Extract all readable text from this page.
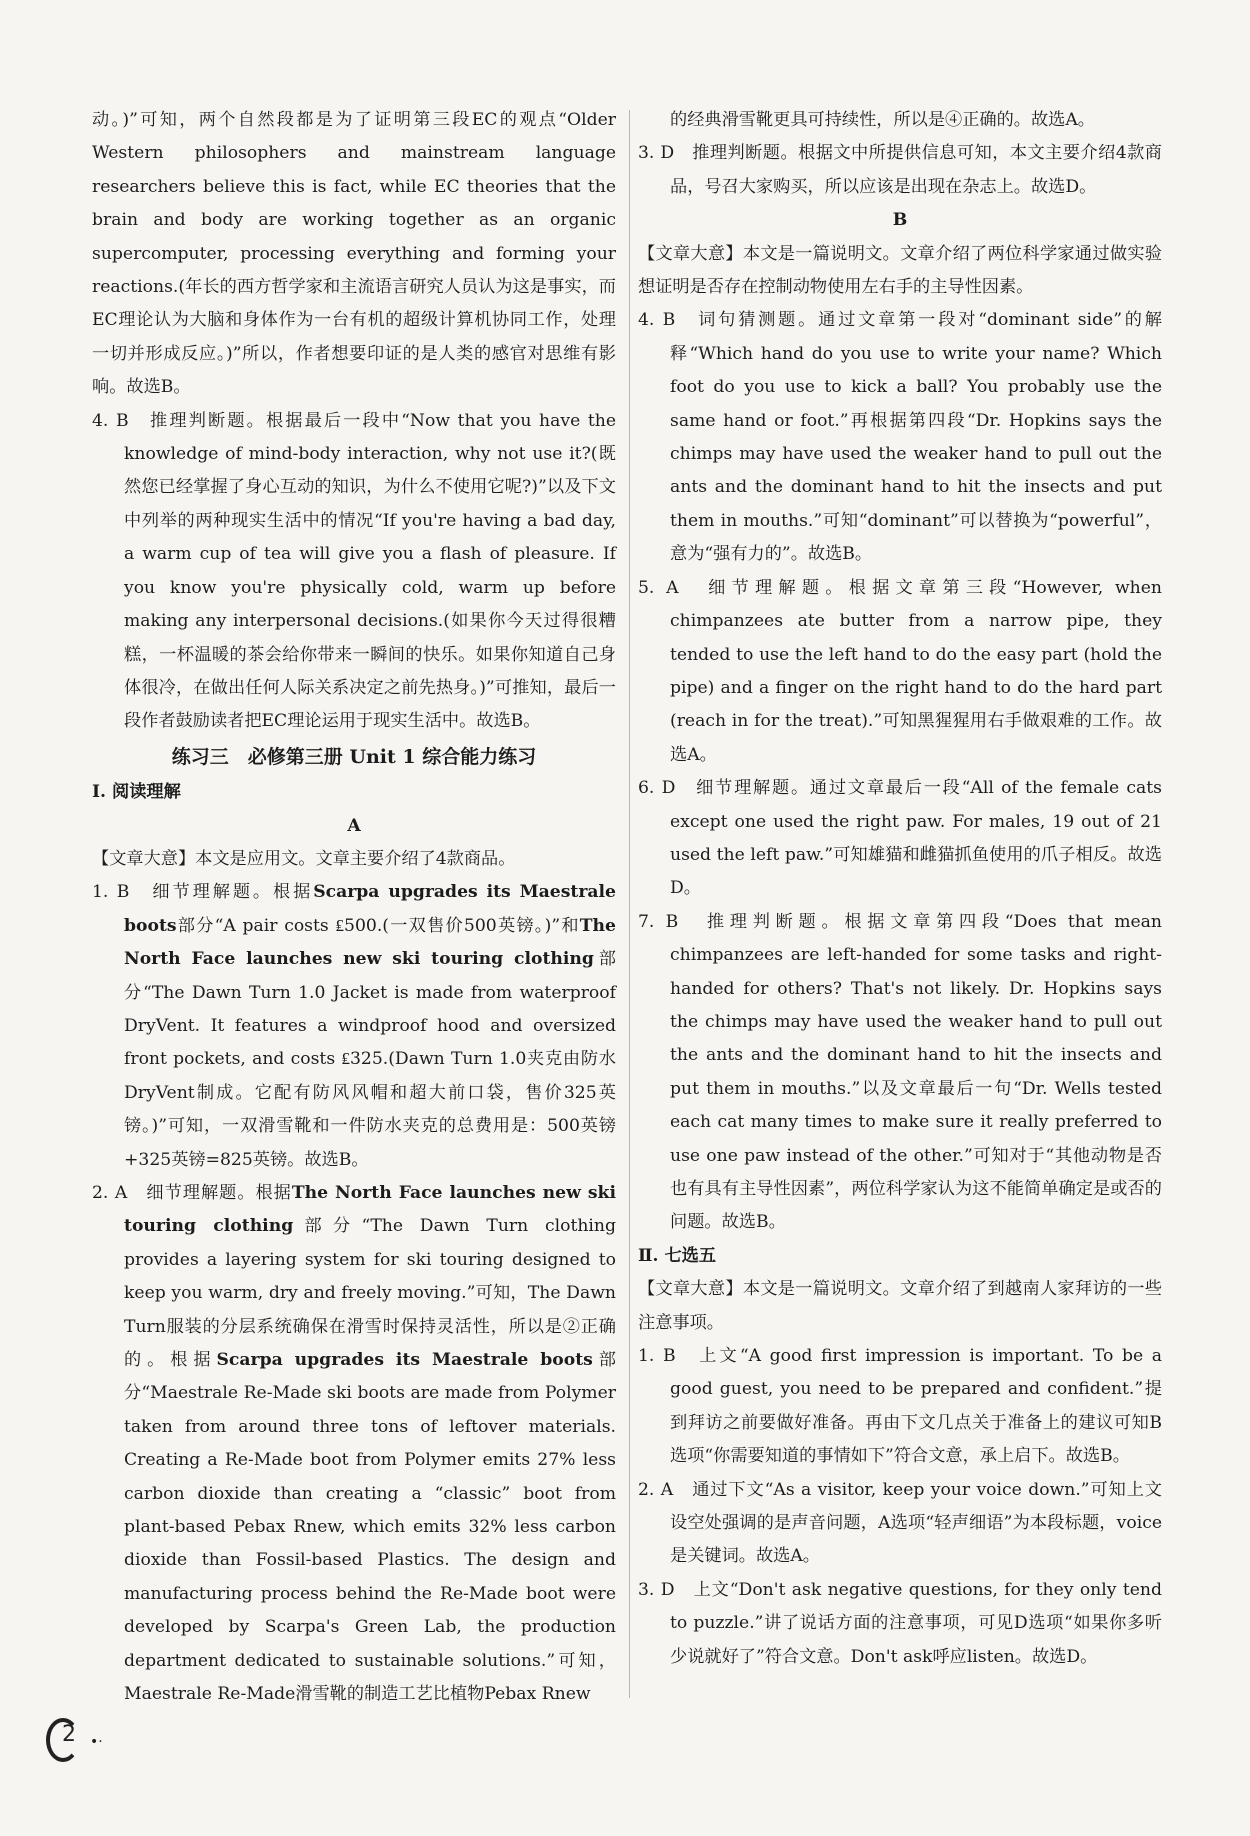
动。)”可知，两个自然段都是为了证明第三段EC的观点“Older Western philosophers and mainstream language researchers believe this is fact, while EC theories that the brain and body are working together as an organic supercomputer, processing everything and forming your reactions.(年长的西方哲学家和主流语言研究人员认为这是事实，而EC理论认为大脑和身体作为一台有机的超级计算机协同工作，处理一切并形成反应。)”所以，作者想要印证的是人类的感官对思维有影响。故选B。

4. B　推理判断题。根据最后一段中“Now that you have the knowledge of mind-body interaction, why not use it?(既然您已经掌握了身心互动的知识，为什么不使用它呢?)”以及下文中列举的两种现实生活中的情况“If you're having a bad day, a warm cup of tea will give you a flash of pleasure. If you know you're physically cold, warm up before making any interpersonal decisions.(如果你今天过得很糟糕，一杯温暖的茶会给你带来一瞬间的快乐。如果你知道自己身体很冷，在做出任何人际关系决定之前先热身。)”可推知，最后一段作者鼓励读者把EC理论运用于现实生活中。故选B。

练习三　必修第三册 Unit 1 综合能力练习

Ⅰ. 阅读理解

A

【文章大意】本文是应用文。文章主要介绍了4款商品。

1. B　细节理解题。根据Scarpa upgrades its Maestrale boots部分“A pair costs ₤500.(一双售价500英镑。)”和The North Face launches new ski touring clothing部分“The Dawn Turn 1.0 Jacket is made from waterproof DryVent. It features a windproof hood and oversized front pockets, and costs ₤325.(Dawn Turn 1.0夹克由防水DryVent制成。它配有防风风帽和超大前口袋，售价325英镑。)”可知，一双滑雪靴和一件防水夹克的总费用是：500英镑+325英镑=825英镑。故选B。

2. A　细节理解题。根据The North Face launches new ski touring clothing部分“The Dawn Turn clothing provides a layering system for ski touring designed to keep you warm, dry and freely moving.”可知，The Dawn Turn服装的分层系统确保在滑雪时保持灵活性，所以是②正确的。根据Scarpa upgrades its Maestrale boots部分“Maestrale Re-Made ski boots are made from Polymer taken from around three tons of leftover materials. Creating a Re-Made boot from Polymer emits 27% less carbon dioxide than creating a “classic” boot from plant-based Pebax Rnew, which emits 32% less carbon dioxide than Fossil-based Plastics. The design and manufacturing process behind the Re-Made boot were developed by Scarpa's Green Lab, the production department dedicated to sustainable solutions.”可知，Maestrale Re-Made滑雪靴的制造工艺比植物Pebax Rnew

的经典滑雪靴更具可持续性，所以是④正确的。故选A。

3. D　推理判断题。根据文中所提供信息可知，本文主要介绍4款商品，号召大家购买，所以应该是出现在杂志上。故选D。

B

【文章大意】本文是一篇说明文。文章介绍了两位科学家通过做实验想证明是否存在控制动物使用左右手的主导性因素。

4. B　词句猜测题。通过文章第一段对“dominant side”的解释“Which hand do you use to write your name? Which foot do you use to kick a ball? You probably use the same hand or foot.”再根据第四段“Dr. Hopkins says the chimps may have used the weaker hand to pull out the ants and the dominant hand to hit the insects and put them in mouths.”可知“dominant”可以替换为“powerful”，意为“强有力的”。故选B。

5. A　细节理解题。根据文章第三段“However, when chimpanzees ate butter from a narrow pipe, they tended to use the left hand to do the easy part (hold the pipe) and a finger on the right hand to do the hard part (reach in for the treat).”可知黑猩猩用右手做艰难的工作。故选A。

6. D　细节理解题。通过文章最后一段“All of the female cats except one used the right paw. For males, 19 out of 21 used the left paw.”可知雄猫和雌猫抓鱼使用的爪子相反。故选D。

7. B　推理判断题。根据文章第四段“Does that mean chimpanzees are left-handed for some tasks and right-handed for others? That's not likely. Dr. Hopkins says the chimps may have used the weaker hand to pull out the ants and the dominant hand to hit the insects and put them in mouths.”以及文章最后一句“Dr. Wells tested each cat many times to make sure it really preferred to use one paw instead of the other.”可知对于“其他动物是否也有具有主导性因素”，两位科学家认为这不能简单确定是或否的问题。故选B。

Ⅱ. 七选五

【文章大意】本文是一篇说明文。文章介绍了到越南人家拜访的一些注意事项。

1. B　上文“A good first impression is important. To be a good guest, you need to be prepared and confident.”提到拜访之前要做好准备。再由下文几点关于准备上的建议可知B选项“你需要知道的事情如下”符合文意，承上启下。故选B。

2. A　通过下文“As a visitor, keep your voice down.”可知上文设空处强调的是声音问题，A选项“轻声细语”为本段标题，voice是关键词。故选A。

3. D　上文“Don't ask negative questions, for they only tend to puzzle.”讲了说话方面的注意事项，可见D选项“如果你多听少说就好了”符合文意。Don't ask呼应listen。故选D。

2 •·
